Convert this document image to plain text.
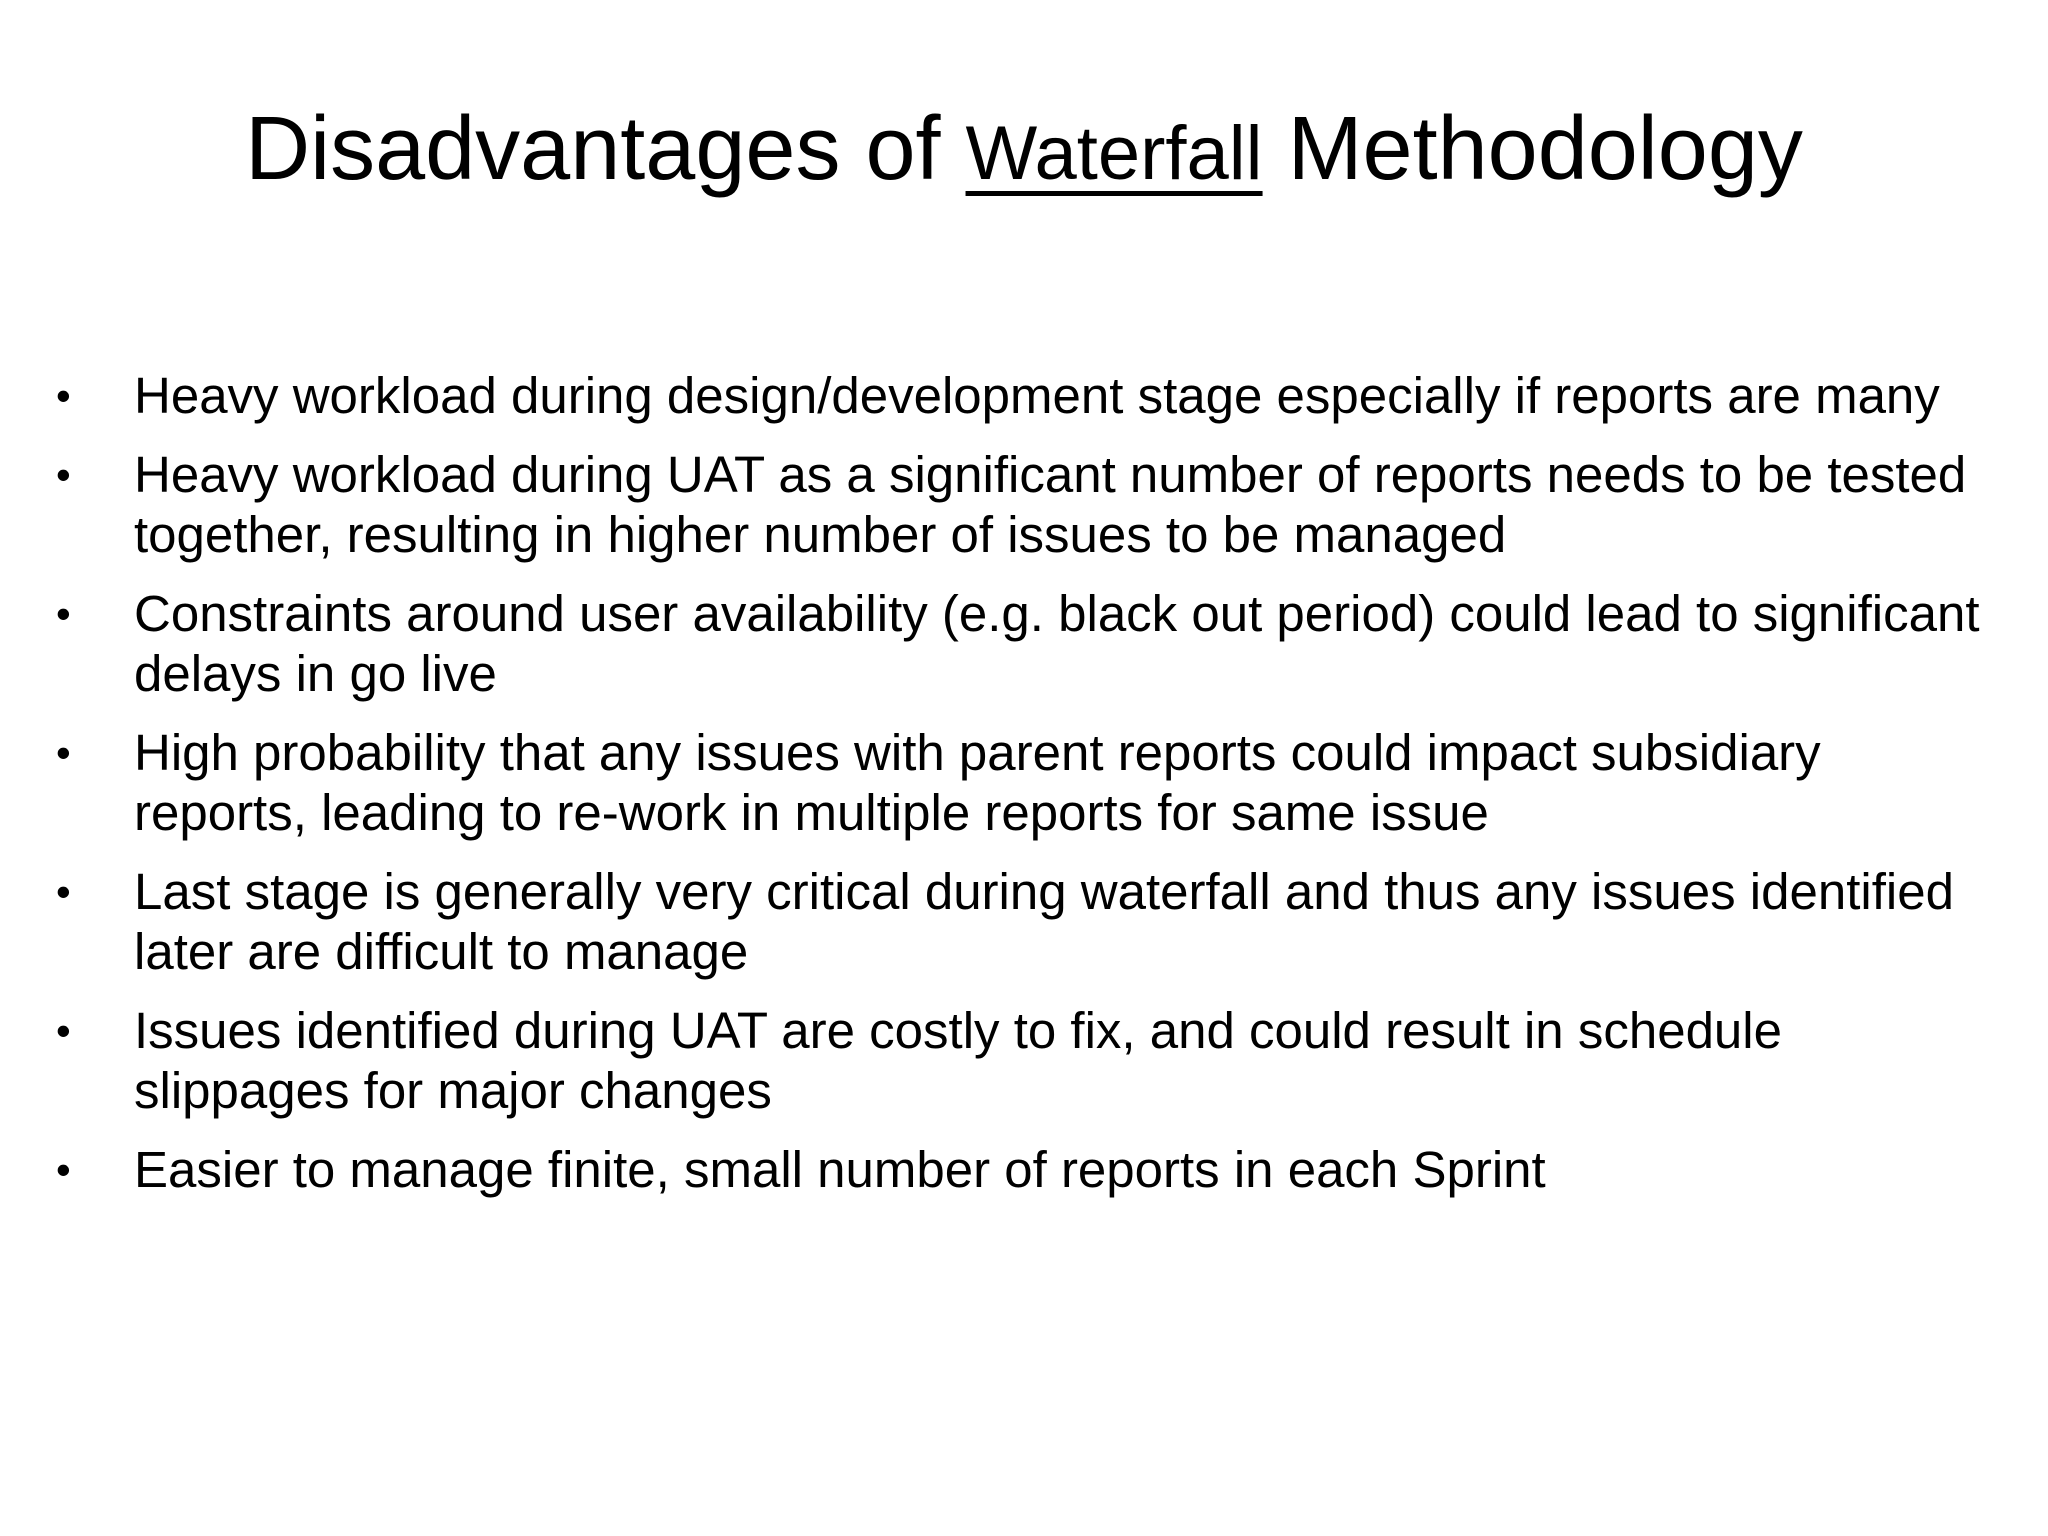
Disadvantages of Waterfall Methodology
• Heavy workload during design/development stage especially if reports are many
• Heavy workload during UAT as a significant number of reports needs to be tested together, resulting in higher number of issues to be managed
• Constraints around user availability (e.g. black out period) could lead to significant delays in go live
• High probability that any issues with parent reports could impact subsidiary reports, leading to re-work in multiple reports for same issue
• Last stage is generally very critical during waterfall and thus any issues identified later are difficult to manage
• Issues identified during UAT are costly to fix, and could result in schedule slippages for major changes
• Easier to manage finite, small number of reports in each Sprint
